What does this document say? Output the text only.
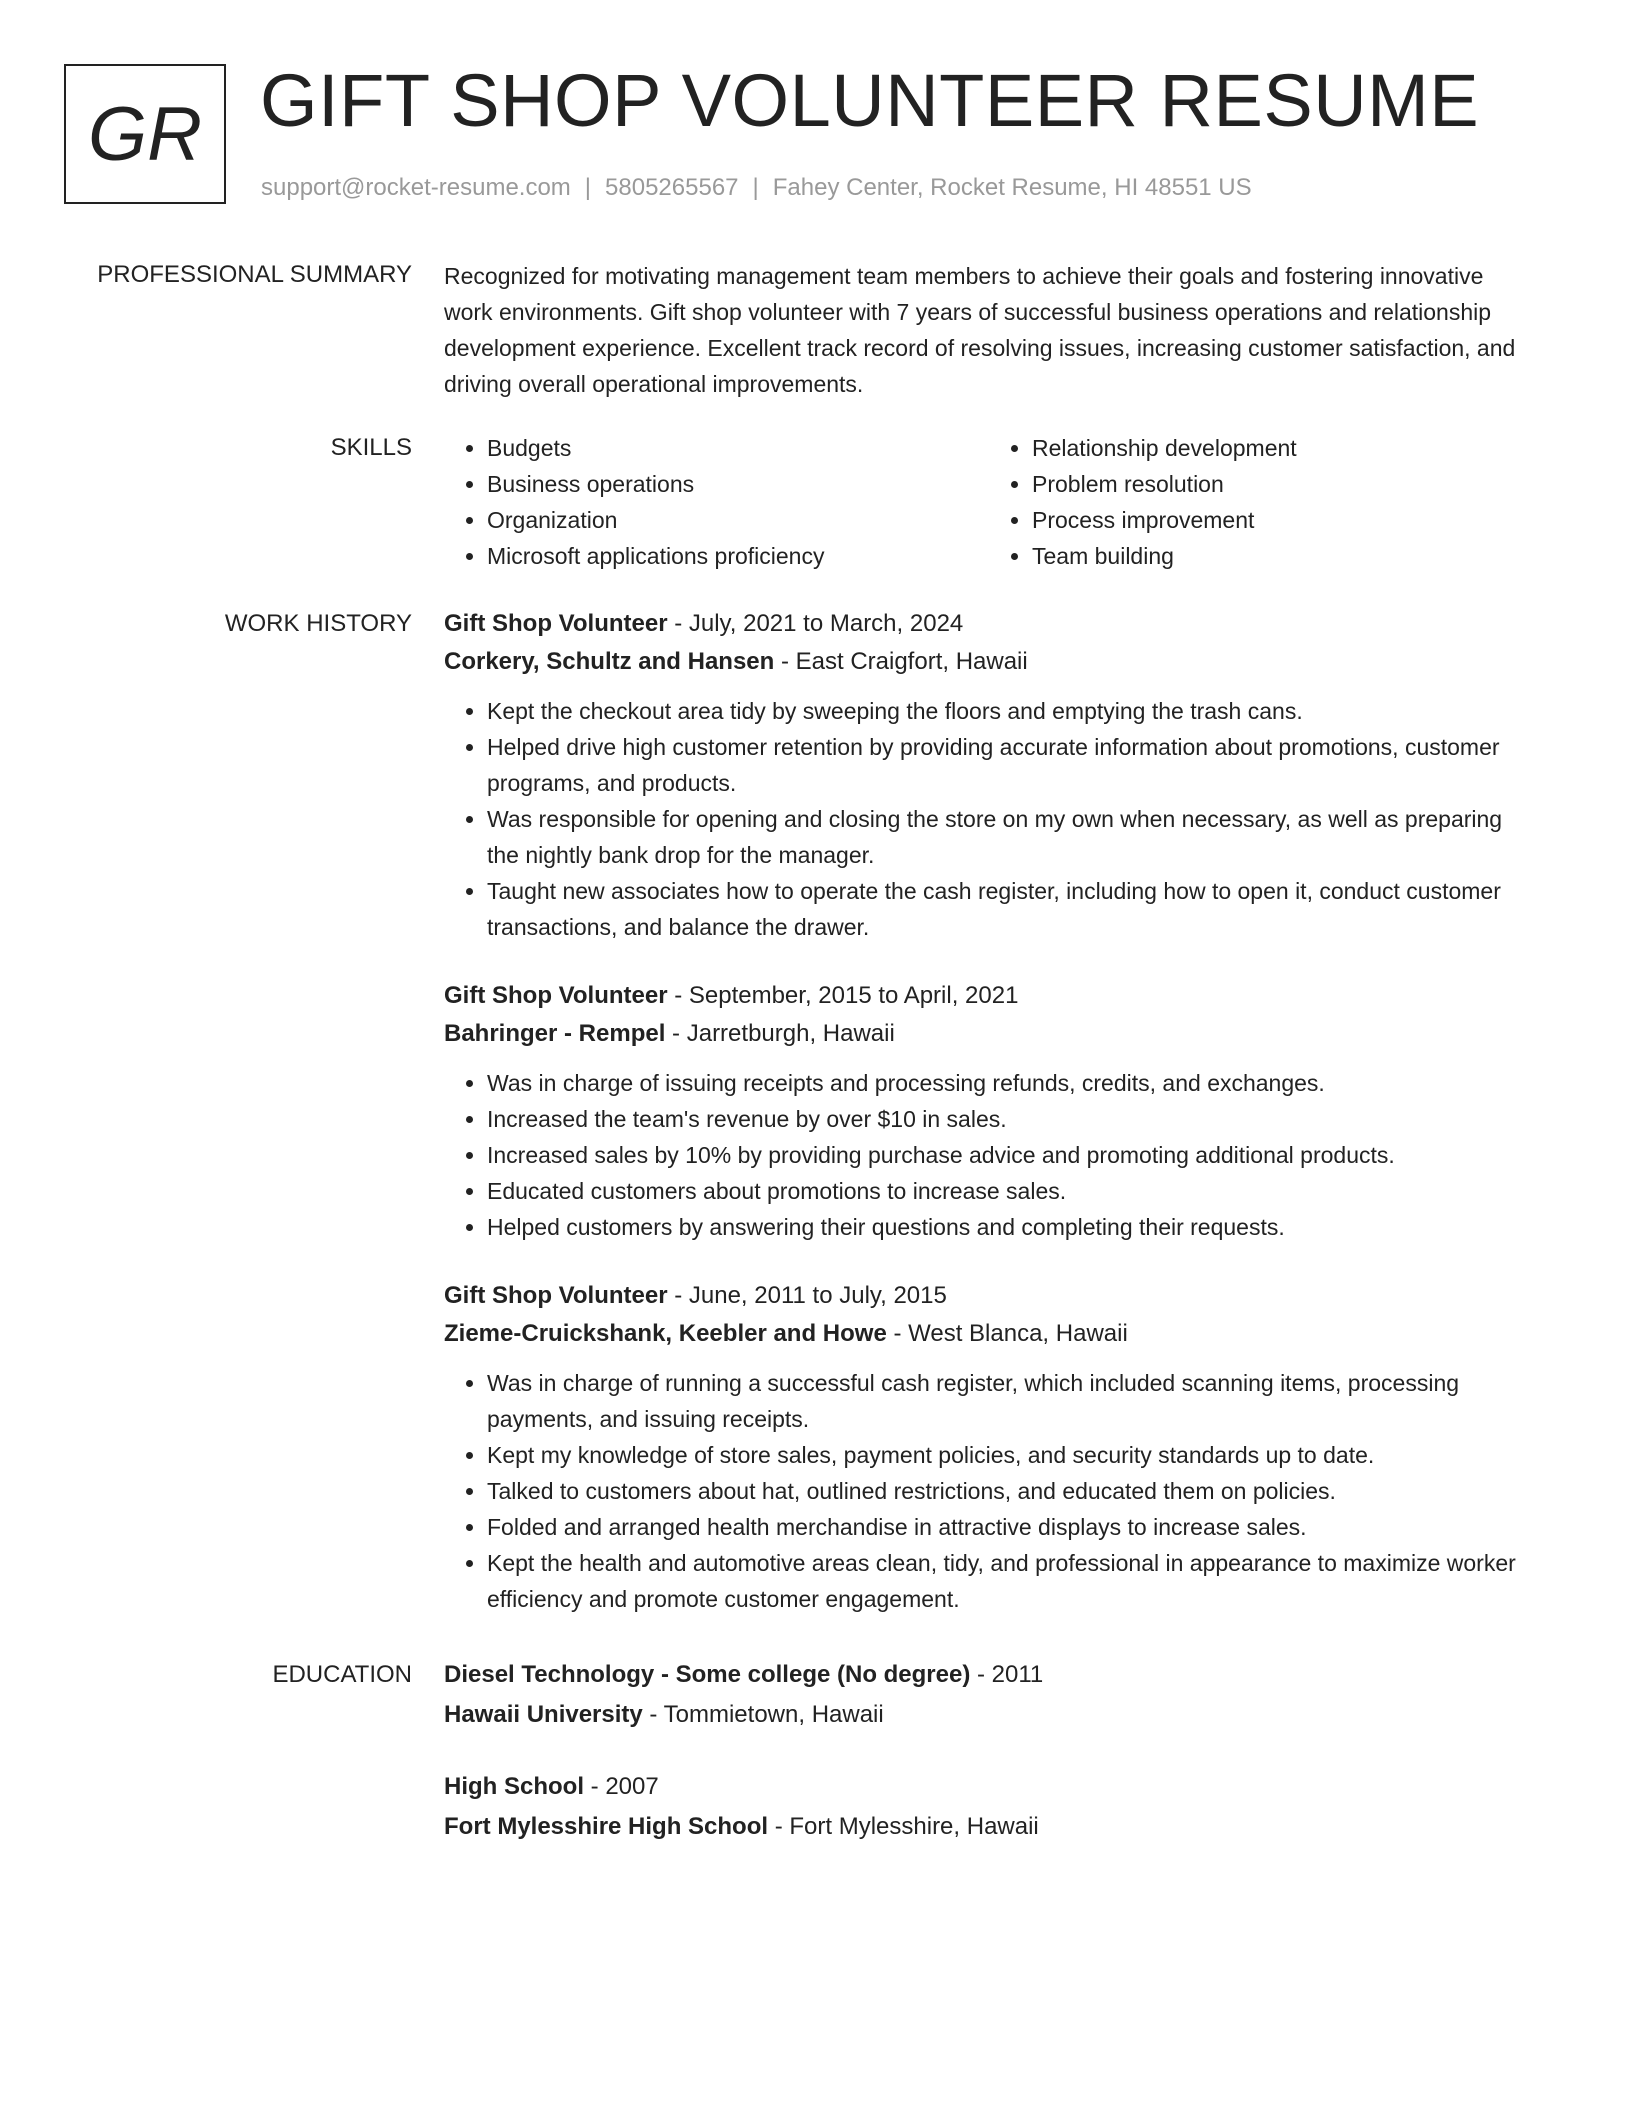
GR GIFT SHOP VOLUNTEER RESUME
support@rocket-resume.com | 5805265567 | Fahey Center, Rocket Resume, HI 48551 US
PROFESSIONAL SUMMARY Recognized for motivating management team members to achieve their goals and fostering innovative work environments. Gift shop volunteer with 7 years of successful business operations and relationship development experience. Excellent track record of resolving issues, increasing customer satisfaction, and driving overall operational improvements.

SKILLS
•	Budgets
• Business operations
• Organization
• Microsoft applications proficiency
• Relationship development
• Problem resolution
• Process improvement
• Team building
WORK HISTORY Gift Shop Volunteer - July, 2021 to March, 2024
Corkery, Schultz and Hansen - East Craigfort, Hawaii
• Kept the checkout area tidy by sweeping the floors and emptying the trash cans.
• Helped drive high customer retention by providing accurate information about promotions, customer programs, and products.
• Was responsible for opening and closing the store on my own when necessary, as well as preparing the nightly bank drop for the manager.
• Taught new associates how to operate the cash register, including how to open it, conduct customer transactions, and balance the drawer.
Gift Shop Volunteer - September, 2015 to April, 2021
Bahringer - Rempel - Jarretburgh, Hawaii
• Was in charge of issuing receipts and processing refunds, credits, and exchanges.
• Increased the team's revenue by over $10 in sales.
• Increased sales by 10% by providing purchase advice and promoting additional products.
• Educated customers about promotions to increase sales.
• Helped customers by answering their questions and completing their requests.
Gift Shop Volunteer - June, 2011 to July, 2015
Zieme-Cruickshank, Keebler and Howe - West Blanca, Hawaii
• Was in charge of running a successful cash register, which included scanning items, processing payments, and issuing receipts.
• Kept my knowledge of store sales, payment policies, and security standards up to date.
• Talked to customers about hat, outlined restrictions, and educated them on policies.
• Folded and arranged health merchandise in attractive displays to increase sales.
• Kept the health and automotive areas clean, tidy, and professional in appearance to maximize worker efficiency and promote customer engagement.
EDUCATION Diesel Technology - Some college (No degree) - 2011
Hawaii University - Tommietown, Hawaii
High School - 2007
Fort Mylesshire High School - Fort Mylesshire, Hawaii
